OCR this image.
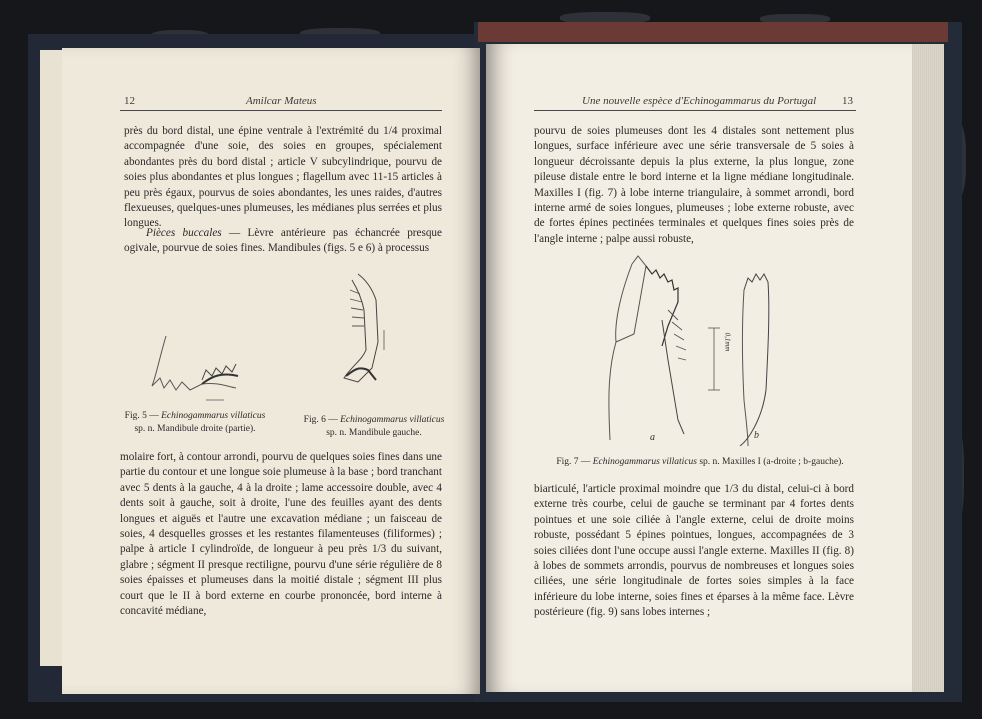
12	Amilcar Mateus

près du bord distal, une épine ventrale à l'extrémité du 1/4 proximal accompagnée d'une soie, des soies en groupes, spécialement abondantes près du bord distal ; article V subcylindrique, pourvu de soies plus abondantes et plus longues ; flagellum avec 11-15 articles à peu près égaux, pourvus de soies abondantes, les unes raides, d'autres flexueuses, quelques-unes plumeuses, les médianes plus serrées et plus longues.

Pièces buccales — Lèvre antérieure pas échancrée presque ogivale, pourvue de soies fines. Mandibules (figs. 5 e 6) à processus

Fig. 5 — Echinogammarus villaticus
sp. n. Mandibule droite (partie).
Fig. 6 — Echinogammarus villaticus
sp. n. Mandibule gauche.

molaire fort, à contour arrondi, pourvu de quelques soies fines dans une partie du contour et une longue soie plumeuse à la base ; bord tranchant avec 5 dents à la gauche, 4 à la droite ; lame accessoire double, avec 4 dents soit à gauche, soit à droite, l'une des feuilles ayant des dents longues et aiguës et l'autre une excavation médiane ; un faisceau de soies, 4 desquelles grosses et les restantes filamenteuses (filiformes) ; palpe à article I cylindroïde, de longueur à peu près 1/3 du suivant, glabre ; ségment II presque rectiligne, pourvu d'une série régulière de 8 soies épaisses et plumeuses dans la moitié distale ; ségment III plus court que le II à bord externe en courbe prononcée, bord interne à concavité médiane,

Une nouvelle espèce d'Echinogammarus du Portugal 13

pourvu de soies plumeuses dont les 4 distales sont nettement plus longues, surface inférieure avec une série transversale de 5 soies à longueur décroissante depuis la plus externe, la plus longue, zone pileuse distale entre le bord interne et la ligne médiane longitudinale. Maxilles I (fig. 7) à lobe interne triangulaire, à sommet arrondi, bord interne armé de soies longues, plumeuses ; lobe externe robuste, avec de fortes épines pectinées terminales et quelques fines soies près de l'angle interne ; palpe aussi robuste,

a	b
0,1mm
Fig. 7 — Echinogammarus villaticus sp. n. Maxilles I (a-droite ; b-gauche).

biarticulé, l'article proximal moindre que 1/3 du distal, celui-ci à bord externe très courbe, celui de gauche se terminant par 4 fortes dents pointues et une soie ciliée à l'angle externe, celui de droite moins robuste, possédant 5 épines pointues, longues, accompagnées de 3 soies ciliées dont l'une occupe aussi l'angle externe. Maxilles II (fig. 8) à lobes de sommets arrondis, pourvus de nombreuses et longues soies ciliées, une série longitudinale de fortes soies simples à la face inférieure du lobe interne, soies fines et éparses à la même face. Lèvre postérieure (fig. 9) sans lobes internes ;
